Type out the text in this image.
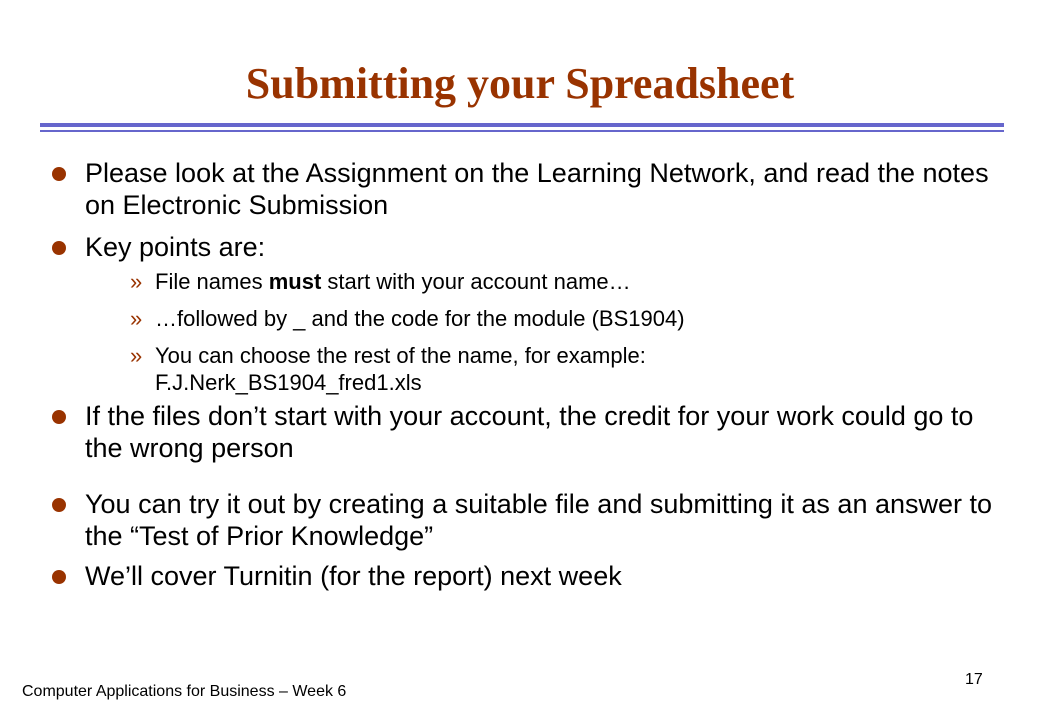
Submitting your Spreadsheet
Please look at the Assignment on the Learning Network, and read the notes on Electronic Submission
Key points are:
» File names must start with your account name…
» …followed by _ and the code for the module (BS1904)
» You can choose the rest of the name, for example:
F.J.Nerk_BS1904_fred1.xls
If the files don’t start with your account, the credit for your work could go to the wrong person
You can try it out by creating a suitable file and submitting it as an answer to the “Test of Prior Knowledge”
We’ll cover Turnitin (for the report) next week
Computer Applications for Business – Week 6
17
